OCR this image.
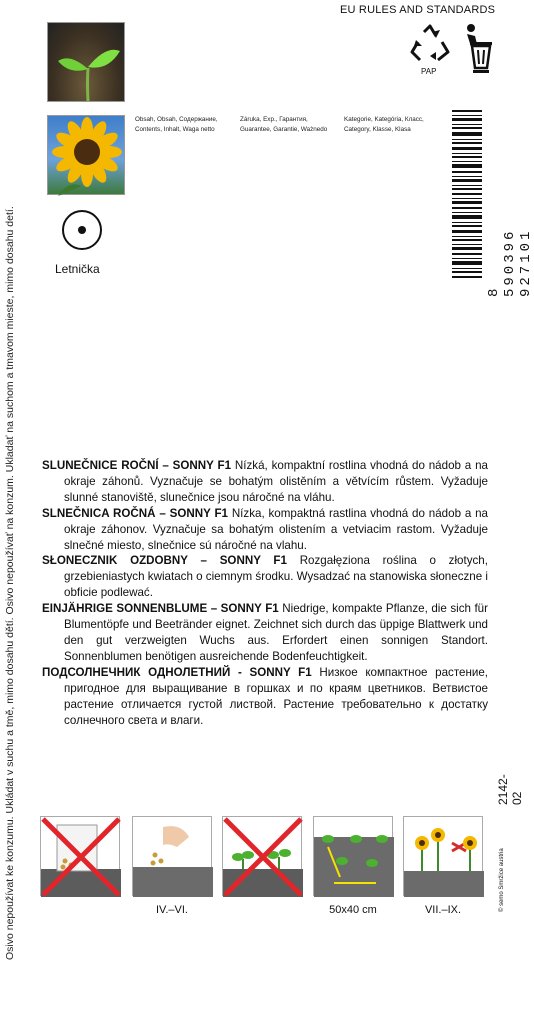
Osivo nepoužívat ke konzumu. Ukládat v suchu a tmě, mimo dosahu dětí. Osivo nepoužívať na konzum. Ukladať na suchom a tmavom mieste, mimo dosahu detí.
EU RULES AND STANDARDS
Letnička
Obsah, Obsah, Содержание,
Contents, Inhalt, Waga netto
Záruka, Exp., Гарантия,
Guarantee, Garantie, Ważnedo
Kategorie, Kategória, Класс,
Category, Klasse, Klasa
PAP
8 590396 927101

SLUNEČNICE ROČNÍ – SONNY F1 Nízká, kompaktní rostlina vhodná do nádob a na okraje záhonů. Vyznačuje se bohatým olistěním a větvícím růstem. Vyžaduje slunné stanoviště, slunečnice jsou náročné na vláhu.

SLNEČNICA ROČNÁ – SONNY F1 Nízka, kompaktná rastlina vhodná do nádob a na okraje záhonov. Vyznačuje sa bohatým olistením a vetviacim rastom. Vyžaduje slnečné miesto, slnečnice sú náročné na vlahu.

SŁONECZNIK OZDOBNY – SONNY F1 Rozgałęziona roślina o złotych, grzebieniastych kwiatach o ciemnym środku. Wysadzać na stanowiska słoneczne i obficie podlewać.

EINJÄHRIGE SONNENBLUME – SONNY F1 Niedrige, kompakte Pflanze, die sich für Blumentöpfe und Beetränder eignet. Zeichnet sich durch das üppige Blattwerk und den gut verzweigten Wuchs aus. Erfordert einen sonnigen Standort. Sonnenblumen benötigen ausreichende Bodenfeuchtigkeit.

ПОДСОЛНЕЧНИК ОДНОЛЕТНИЙ - SONNY F1 Низкое компактное растение, пригодное для выращивание в горшках и по краям цветников. Ветвистое растение отличается густой листвой. Растение требовательно к достатку солнечного света и влаги.

2142-02
© semo Smržice austria
IV.–VI.	50x40 cm	VII.–IX.
